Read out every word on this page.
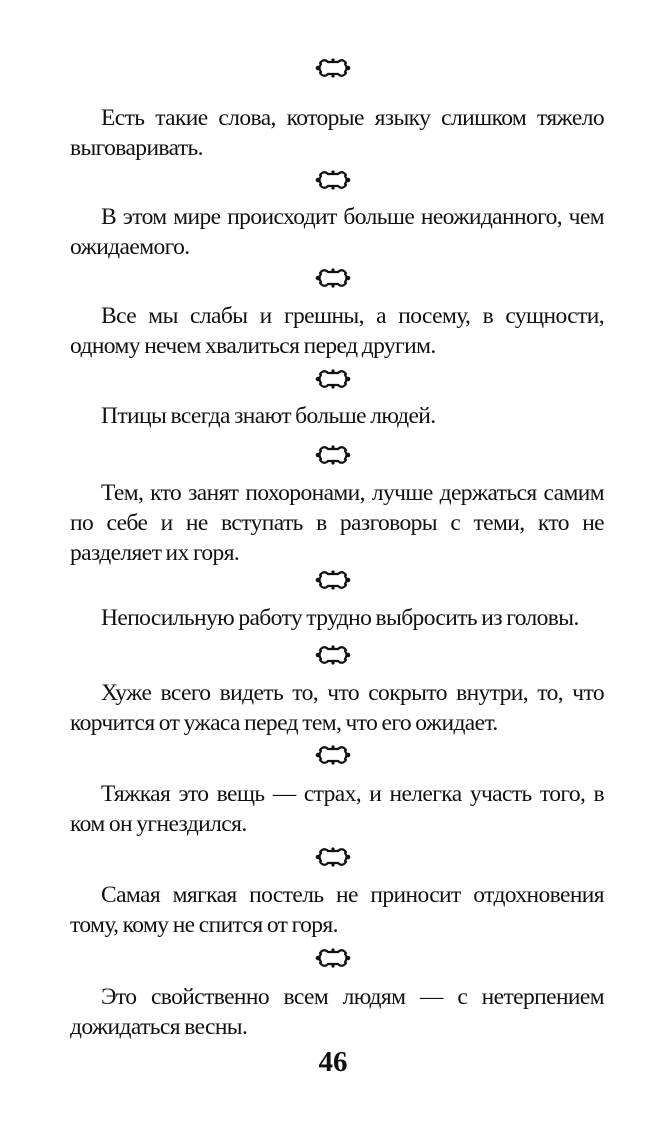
Есть такие слова, которые языку слишком тяжело выговаривать.

В этом мире происходит больше неожиданного, чем ожидаемого.

Все мы слабы и грешны, а посему, в сущности, одному нечем хвалиться перед другим.

Птицы всегда знают больше людей.

Тем, кто занят похоронами, лучше держаться самим по себе и не вступать в разговоры с теми, кто не разделяет их горя.

Непосильную работу трудно выбросить из головы.

Хуже всего видеть то, что сокрыто внутри, то, что корчится от ужаса перед тем, что его ожидает.

Тяжкая это вещь — страх, и нелегка участь того, в ком он угнездился.

Самая мягкая постель не приносит отдохновения тому, кому не спится от горя.

Это свойственно всем людям — с нетерпением дожидаться весны.

46
